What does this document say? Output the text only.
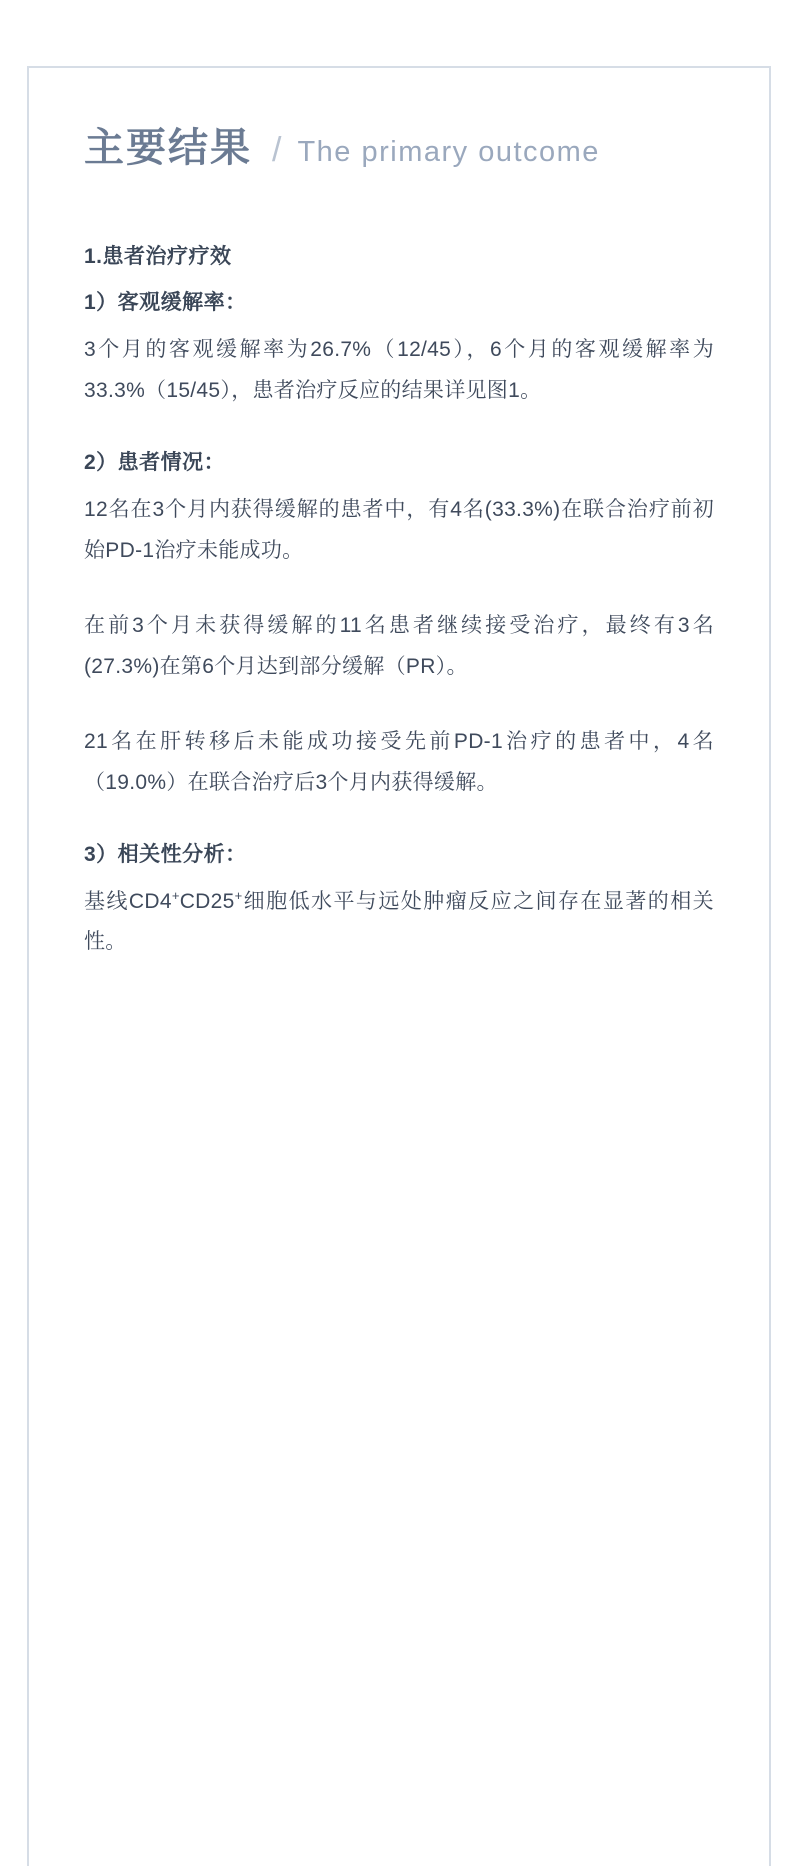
主要结果 / The primary outcome
1.患者治疗疗效
1）客观缓解率：

3个月的客观缓解率为26.7%（12/45），6个月的客观缓解率为33.3%（15/45），患者治疗反应的结果详见图1。

2）患者情况：

12名在3个月内获得缓解的患者中，有4名(33.3%)在联合治疗前初始PD-1治疗未能成功。

在前3个月未获得缓解的11名患者继续接受治疗，最终有3名(27.3%)在第6个月达到部分缓解（PR）。

21名在肝转移后未能成功接受先前PD-1治疗的患者中，4名（19.0%）在联合治疗后3个月内获得缓解。

3）相关性分析：

基线CD4+CD25+细胞低水平与远处肿瘤反应之间存在显著的相关性。
